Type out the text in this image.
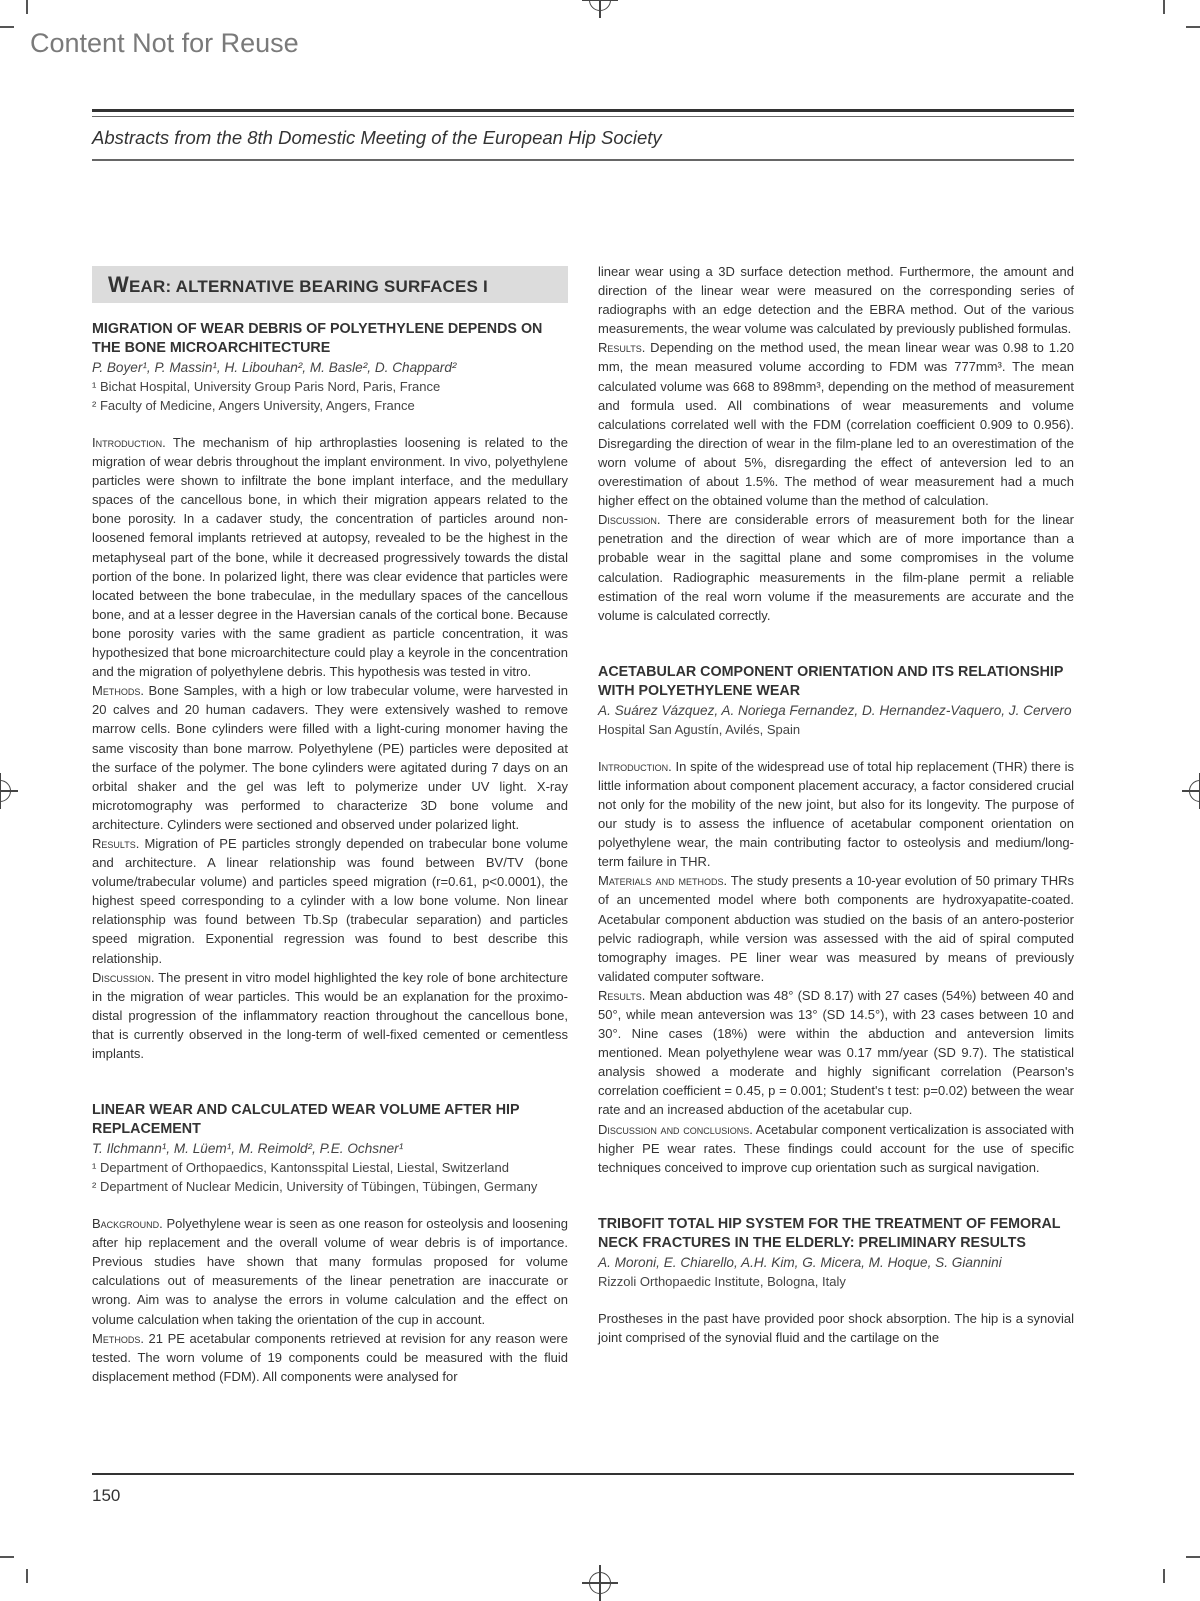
Content Not for Reuse
Abstracts from the 8th Domestic Meeting of the European Hip Society
WEAR: ALTERNATIVE BEARING SURFACES I
MIGRATION OF WEAR DEBRIS OF POLYETHYLENE DEPENDS ON THE BONE MICROARCHITECTURE
P. Boyer¹, P. Massin¹, H. Libouhan², M. Basle², D. Chappard²
¹ Bichat Hospital, University Group Paris Nord, Paris, France
² Faculty of Medicine, Angers University, Angers, France

Introduction. The mechanism of hip arthroplasties loosening is related to the migration of wear debris throughout the implant environment. In vivo, polyethylene particles were shown to infiltrate the bone implant interface, and the medullary spaces of the cancellous bone, in which their migration appears related to the bone porosity. In a cadaver study, the concentration of particles around non-loosened femoral implants retrieved at autopsy, revealed to be the highest in the metaphyseal part of the bone, while it decreased progressively towards the distal portion of the bone. In polarized light, there was clear evidence that particles were located between the bone trabeculae, in the medullary spaces of the cancellous bone, and at a lesser degree in the Haversian canals of the cortical bone. Because bone porosity varies with the same gradient as particle concentration, it was hypothesized that bone microarchitecture could play a keyrole in the concentration and the migration of polyethylene debris. This hypothesis was tested in vitro.

Methods. Bone Samples, with a high or low trabecular volume, were harvested in 20 calves and 20 human cadavers. They were extensively washed to remove marrow cells. Bone cylinders were filled with a light-curing monomer having the same viscosity than bone marrow. Polyethylene (PE) particles were deposited at the surface of the polymer. The bone cylinders were agitated during 7 days on an orbital shaker and the gel was left to polymerize under UV light. X-ray microtomography was performed to characterize 3D bone volume and architecture. Cylinders were sectioned and observed under polarized light.

Results. Migration of PE particles strongly depended on trabecular bone volume and architecture. A linear relationship was found between BV/TV (bone volume/trabecular volume) and particles speed migration (r=0.61, p<0.0001), the highest speed corresponding to a cylinder with a low bone volume. Non linear relationsphip was found between Tb.Sp (trabecular separation) and particles speed migration. Exponential regression was found to best describe this relationship.

Discussion. The present in vitro model highlighted the key role of bone architecture in the migration of wear particles. This would be an explanation for the proximo-distal progression of the inflammatory reaction throughout the cancellous bone, that is currently observed in the long-term of well-fixed cemented or cementless implants.

LINEAR WEAR AND CALCULATED WEAR VOLUME AFTER HIP REPLACEMENT
T. Ilchmann¹, M. Lüem¹, M. Reimold², P.E. Ochsner¹
¹ Department of Orthopaedics, Kantonsspital Liestal, Liestal, Switzerland
² Department of Nuclear Medicin, University of Tübingen, Tübingen, Germany

Background. Polyethylene wear is seen as one reason for osteolysis and loosening after hip replacement and the overall volume of wear debris is of importance. Previous studies have shown that many formulas proposed for volume calculations out of measurements of the linear penetration are inaccurate or wrong. Aim was to analyse the errors in volume calculation and the effect on volume calculation when taking the orientation of the cup in account.

Methods. 21 PE acetabular components retrieved at revision for any reason were tested. The worn volume of 19 components could be measured with the fluid displacement method (FDM). All components were analysed for

linear wear using a 3D surface detection method. Furthermore, the amount and direction of the linear wear were measured on the corresponding series of radiographs with an edge detection and the EBRA method. Out of the various measurements, the wear volume was calculated by previously published formulas.

Results. Depending on the method used, the mean linear wear was 0.98 to 1.20 mm, the mean measured volume according to FDM was 777mm³. The mean calculated volume was 668 to 898mm³, depending on the method of measurement and formula used. All combinations of wear measurements and volume calculations correlated well with the FDM (correlation coefficient 0.909 to 0.956). Disregarding the direction of wear in the film-plane led to an overestimation of the worn volume of about 5%, disregarding the effect of anteversion led to an overestimation of about 1.5%. The method of wear measurement had a much higher effect on the obtained volume than the method of calculation.

Discussion. There are considerable errors of measurement both for the linear penetration and the direction of wear which are of more importance than a probable wear in the sagittal plane and some compromises in the volume calculation. Radiographic measurements in the film-plane permit a reliable estimation of the real worn volume if the measurements are accurate and the volume is calculated correctly.

ACETABULAR COMPONENT ORIENTATION AND ITS RELATIONSHIP WITH POLYETHYLENE WEAR
A. Suárez Vázquez, A. Noriega Fernandez, D. Hernandez-Vaquero, J. Cervero
Hospital San Agustín, Avilés, Spain

Introduction. In spite of the widespread use of total hip replacement (THR) there is little information about component placement accuracy, a factor considered crucial not only for the mobility of the new joint, but also for its longevity. The purpose of our study is to assess the influence of acetabular component orientation on polyethylene wear, the main contributing factor to osteolysis and medium/long-term failure in THR.

Materials and methods. The study presents a 10-year evolution of 50 primary THRs of an uncemented model where both components are hydroxyapatite-coated. Acetabular component abduction was studied on the basis of an antero-posterior pelvic radiograph, while version was assessed with the aid of spiral computed tomography images. PE liner wear was measured by means of previously validated computer software.

Results. Mean abduction was 48° (SD 8.17) with 27 cases (54%) between 40 and 50°, while mean anteversion was 13° (SD 14.5°), with 23 cases between 10 and 30°. Nine cases (18%) were within the abduction and anteversion limits mentioned. Mean polyethylene wear was 0.17 mm/year (SD 9.7). The statistical analysis showed a moderate and highly significant correlation (Pearson's correlation coefficient = 0.45, p = 0.001; Student's t test: p=0.02) between the wear rate and an increased abduction of the acetabular cup.

Discussion and conclusions. Acetabular component verticalization is associated with higher PE wear rates. These findings could account for the use of specific techniques conceived to improve cup orientation such as surgical navigation.

TRIBOFIT TOTAL HIP SYSTEM FOR THE TREATMENT OF FEMORAL NECK FRACTURES IN THE ELDERLY: PRELIMINARY RESULTS
A. Moroni, E. Chiarello, A.H. Kim, G. Micera, M. Hoque, S. Giannini
Rizzoli Orthopaedic Institute, Bologna, Italy

Prostheses in the past have provided poor shock absorption. The hip is a synovial joint comprised of the synovial fluid and the cartilage on the

150
